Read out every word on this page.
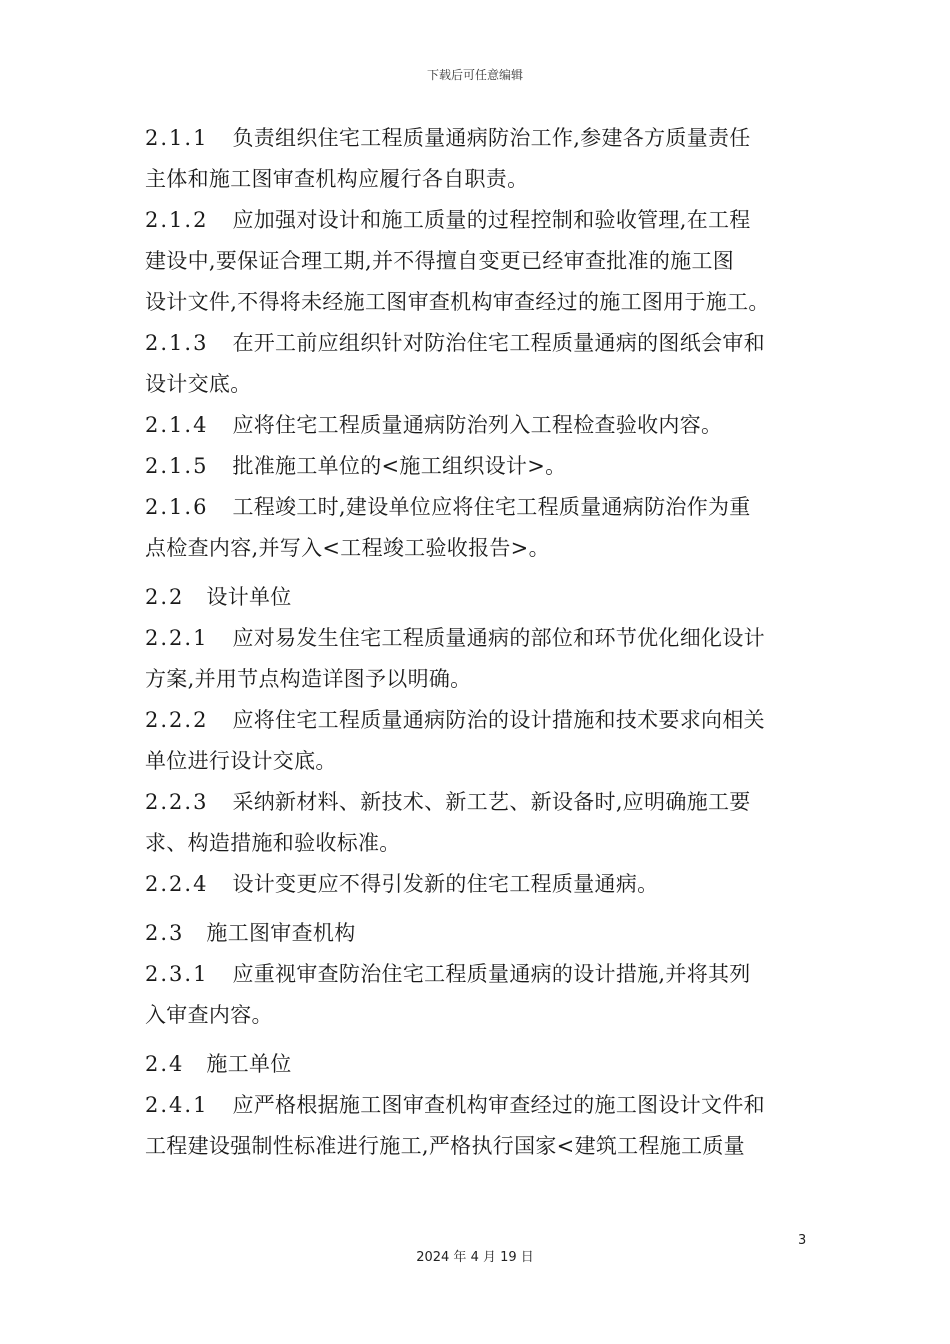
下载后可任意编辑
2.1.1 负责组织住宅工程质量通病防治工作,参建各方质量责任
主体和施工图审查机构应履行各自职责。
2.1.2 应加强对设计和施工质量的过程控制和验收管理,在工程
建设中,要保证合理工期,并不得擅自变更已经审查批准的施工图
设计文件,不得将未经施工图审查机构审查经过的施工图用于施工。
2.1.3 在开工前应组织针对防治住宅工程质量通病的图纸会审和
设计交底。
2.1.4 应将住宅工程质量通病防治列入工程检查验收内容。
2.1.5 批准施工单位的<施工组织设计>。
2.1.6 工程竣工时,建设单位应将住宅工程质量通病防治作为重
点检查内容,并写入<工程竣工验收报告>。
2.2 设计单位
2.2.1 应对易发生住宅工程质量通病的部位和环节优化细化设计
方案,并用节点构造详图予以明确。
2.2.2 应将住宅工程质量通病防治的设计措施和技术要求向相关
单位进行设计交底。
2.2.3 采纳新材料、新技术、新工艺、新设备时,应明确施工要
求、构造措施和验收标准。
2.2.4 设计变更应不得引发新的住宅工程质量通病。
2.3 施工图审查机构
2.3.1 应重视审查防治住宅工程质量通病的设计措施,并将其列
入审查内容。
2.4 施工单位
2.4.1 应严格根据施工图审查机构审查经过的施工图设计文件和
工程建设强制性标准进行施工,严格执行国家<建筑工程施工质量
3
2024 年 4 月 19 日
